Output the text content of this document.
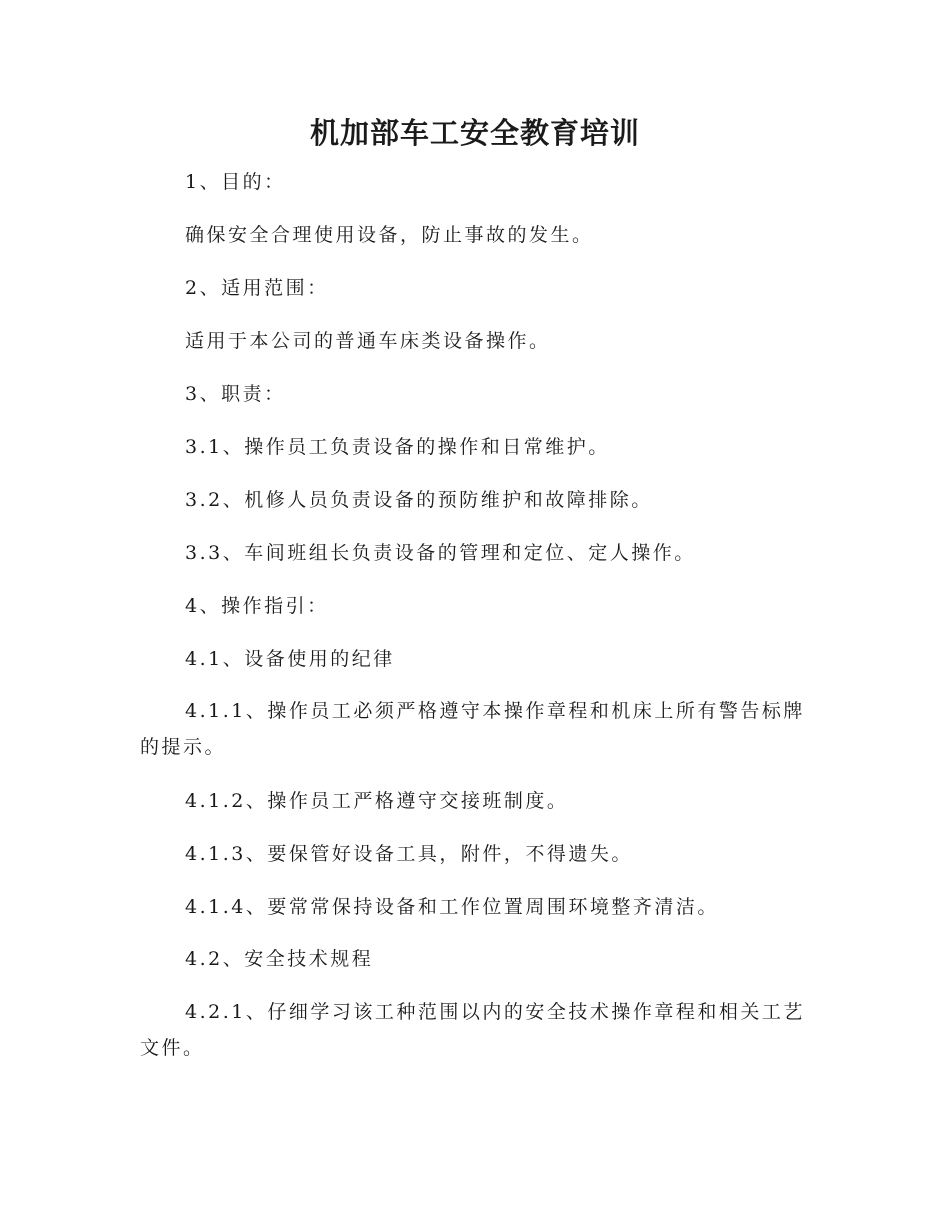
机加部车工安全教育培训

1、目的：

确保安全合理使用设备，防止事故的发生。

2、适用范围：

适用于本公司的普通车床类设备操作。

3、职责：

3.1、操作员工负责设备的操作和日常维护。

3.2、机修人员负责设备的预防维护和故障排除。

3.3、车间班组长负责设备的管理和定位、定人操作。

4、操作指引：

4.1、设备使用的纪律

4.1.1、操作员工必须严格遵守本操作章程和机床上所有警告标牌的提示。

4.1.2、操作员工严格遵守交接班制度。

4.1.3、要保管好设备工具，附件，不得遗失。

4.1.4、要常常保持设备和工作位置周围环境整齐清洁。

4.2、安全技术规程

4.2.1、仔细学习该工种范围以内的安全技术操作章程和相关工艺文件。
